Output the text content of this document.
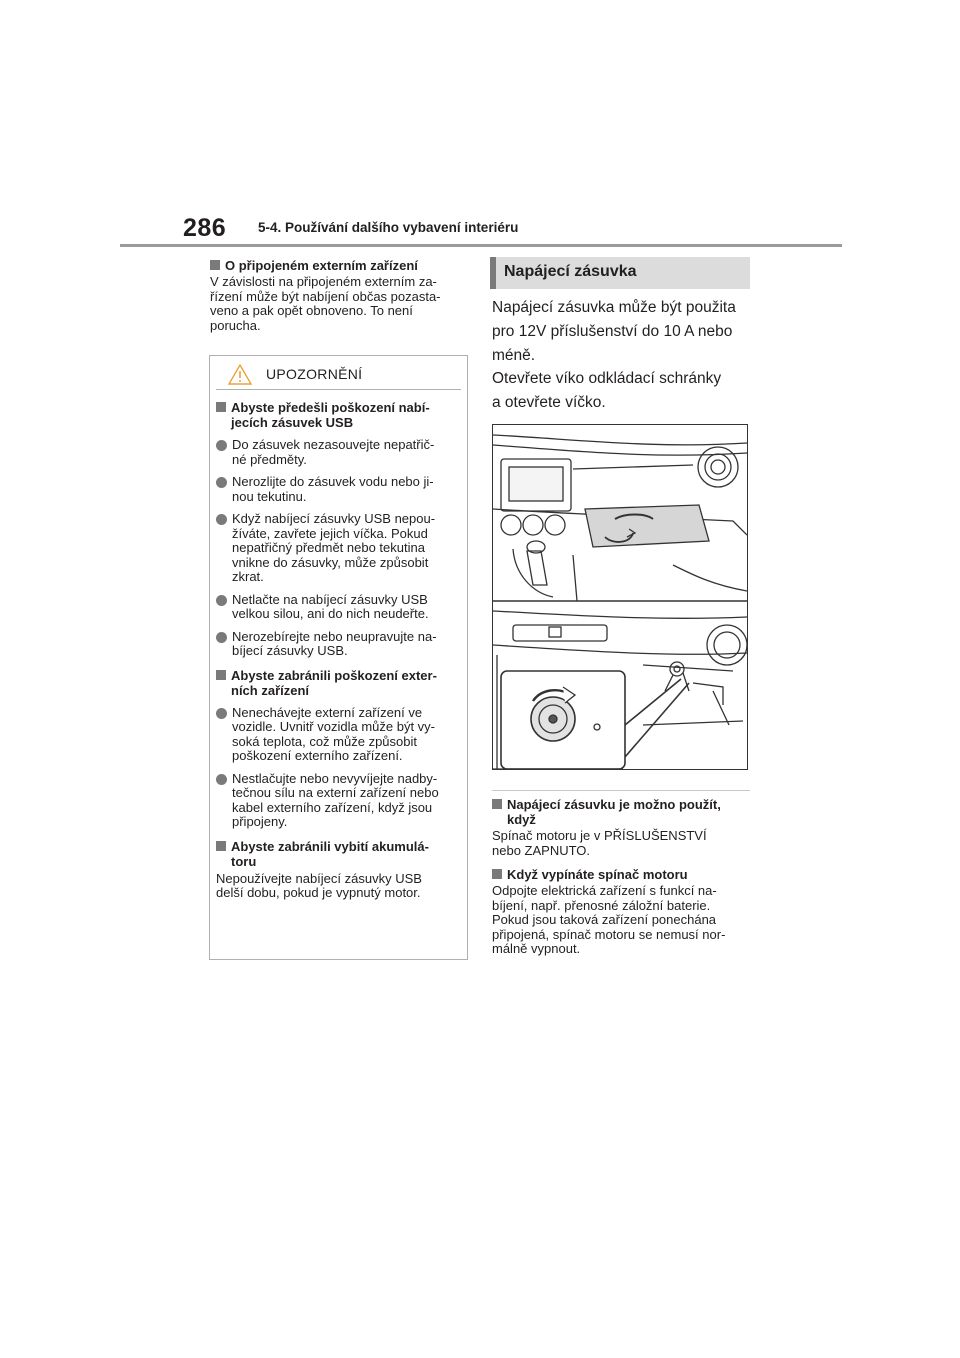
286 5-4. Používání dalšího vybavení interiéru
O připojeném externím zařízení
V závislosti na připojeném externím za-
řízení může být nabíjení občas pozasta-
veno a pak opět obnoveno. To není
porucha.
UPOZORNĚNÍ
Abyste předešli poškození nabí-
jecích zásuvek USB
Do zásuvek nezasouvejte nepatřič-
né předměty.
Nerozlijte do zásuvek vodu nebo ji-
nou tekutinu.
Když nabíjecí zásuvky USB nepou-
žíváte, zavřete jejich víčka. Pokud
nepatřičný předmět nebo tekutina
vnikne do zásuvky, může způsobit
zkrat.
Netlačte na nabíjecí zásuvky USB
velkou silou, ani do nich neudeřte.
Nerozebírejte nebo neupravujte na-
bíjecí zásuvky USB.
Abyste zabránili poškození exter-
ních zařízení
Nenechávejte externí zařízení ve
vozidle. Uvnitř vozidla může být vy-
soká teplota, což může způsobit
poškození externího zařízení.
Nestlačujte nebo nevyvíjejte nadby-
tečnou sílu na externí zařízení nebo
kabel externího zařízení, když jsou
připojeny.
Abyste zabránili vybití akumulá-
toru
Nepoužívejte nabíjecí zásuvky USB
delší dobu, pokud je vypnutý motor.
Napájecí zásuvka
Napájecí zásuvka může být použita
pro 12V příslušenství do 10 A nebo
méně.
Otevřete víko odkládací schránky
a otevřete víčko.
Napájecí zásuvku je možno použít,
když
Spínač motoru je v PŘÍSLUŠENSTVÍ
nebo ZAPNUTO.
Když vypínáte spínač motoru
Odpojte elektrická zařízení s funkcí na-
bíjení, např. přenosné záložní baterie.
Pokud jsou taková zařízení ponechána
připojená, spínač motoru se nemusí nor-
málně vypnout.
